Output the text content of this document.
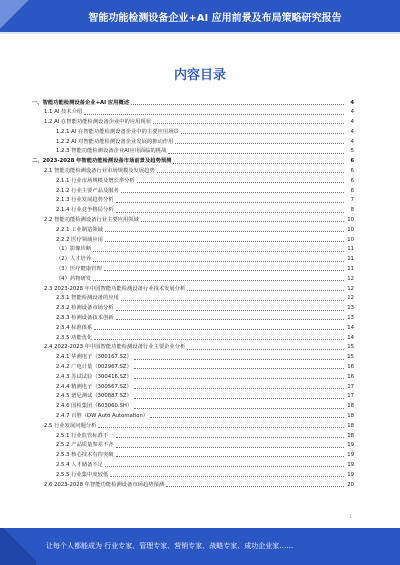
智能功能检测设备企业+AI 应用前景及布局策略研究报告
内容目录
一、智能功能检测设备企业+AI 应用概述	4
1.1 AI 技术介绍	4
1.2 AI 在智能功能检测设备企业中的应用现状	4
1.2.1 AI 在智能功能检测设备企业中的主要应用场景	4
1.2.2 AI 对智能功能检测设备企业发展的推动作用	4
1.2.3 智能功能检测设备企业AI应用面临的挑战	5
二、2023-2028 年智能功能检测设备市场前景及趋势预测	6
2.1 智能功能检测设备行业市场规模及发展趋势	6
2.1.1 行业市场规模及增长率分析	6
2.1.2 行业主要产品及服务	6
2.1.3 行业发展趋势分析	7
2.1.4 行业竞争格局分析	8
2.2 智能功能检测设备行业主要应用领域	10
2.2.1 工业制造领域	10
2.2.2 医疗领域应用	10
（1）影像诊断	11
（2）人才培养	11
（3）医疗健康管理	11
（4）药物研发	12
2.3 2023-2028 年中国智能功能检测设备行业技术发展分析	12
2.3.1 智能检测设备的应用	12
2.3.2 检测设备市场分析	13
2.3.3 检测设备技术创新	13
2.3.4 标准体系	14
2.3.5 功能优化	14
2.4 2022-2023 年中国智能功能检测设备行业主要企业分析	15
2.4.1 华测电子（300167.SZ）	15
2.4.2 广电计量（002967.SZ）	16
2.4.3 苏试试验（300416.SZ）	16
2.4.4 精测电子（300567.SZ）	17
2.4.5 谱尼测试（300887.SZ）	17
2.4.6 国检集团（603060.SH）	18
2.4.7 百胜（DW Auto Automation）	18
2.5 行业发展问题分析	18
2.5.1 行业监管标准不一	18
2.5.2 产品质量参差不齐	19
2.5.3 核心技术有待突破	19
2.5.4 人才储备不足	19
2.5.5 行业集中度较低	19
2.6 2023-2028 年智能功能检测设备市场趋势预测	20
1
让每个人都能成为 行业专家、管理专家、营销专家、战略专家、成功企业家……
